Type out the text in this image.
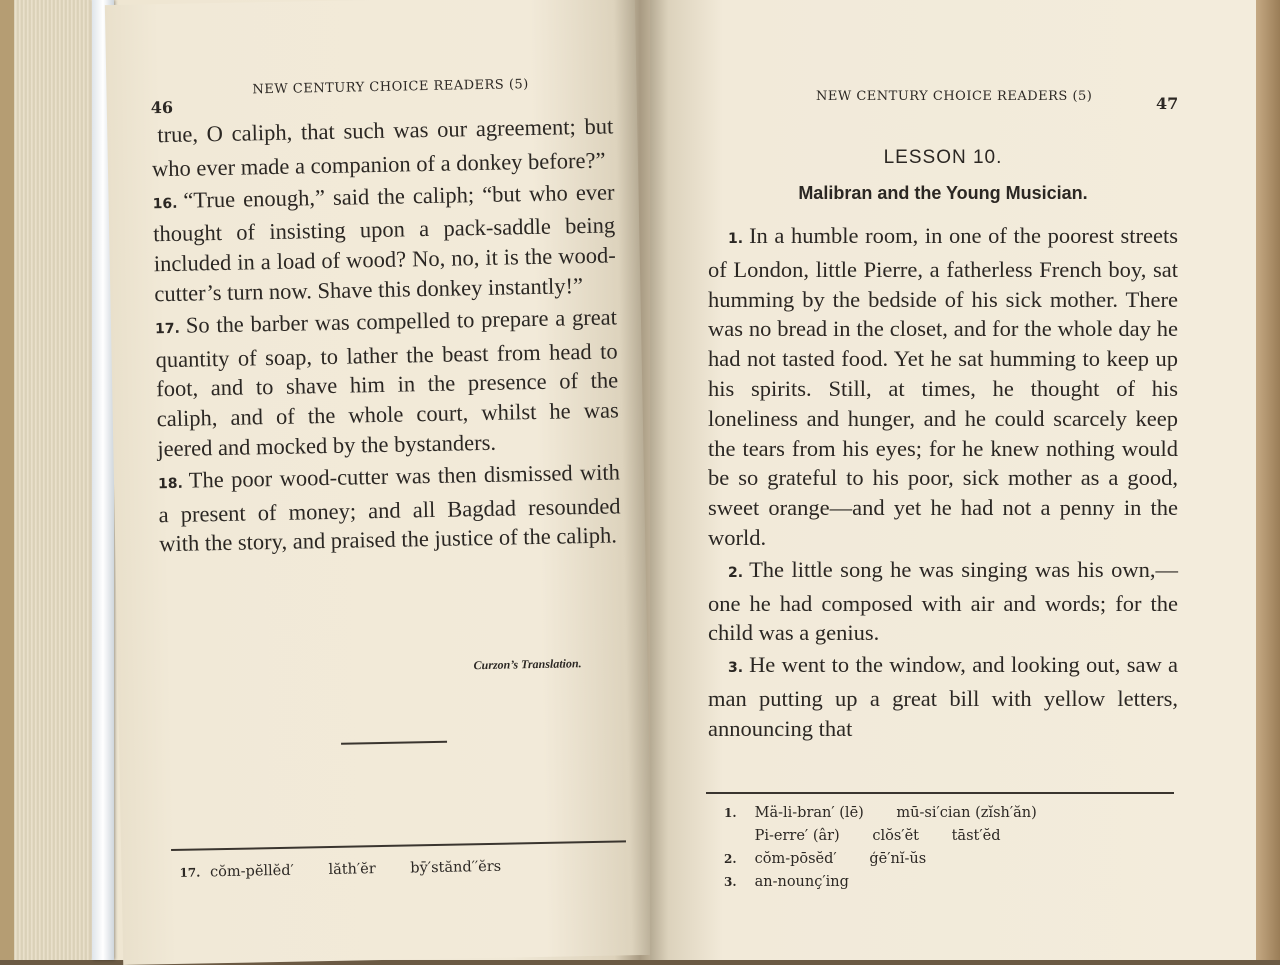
46
NEW CENTURY CHOICE READERS (5)

true, O caliph, that such was our agreement; but who ever made a companion of a donkey before?”

16. “True enough,” said the caliph; “but who ever thought of insisting upon a pack-saddle being included in a load of wood? No, no, it is the wood-cutter’s turn now. Shave this donkey instantly!”

17. So the barber was compelled to prepare a great quantity of soap, to lather the beast from head to foot, and to shave him in the presence of the caliph, and of the whole court, whilst he was jeered and mocked by the bystanders.

18. The poor wood-cutter was then dismissed with a present of money; and all Bagdad resounded with the story, and praised the justice of the caliph.

Curzon’s Translation.
17. cŏm-pĕllĕd′ lăth′ĕr bȳ′stănd′′ĕrs
NEW CENTURY CHOICE READERS (5)	47
LESSON 10.
Malibran and the Young Musician.

1. In a humble room, in one of the poorest streets of London, little Pierre, a fatherless French boy, sat humming by the bedside of his sick mother. There was no bread in the closet, and for the whole day he had not tasted food. Yet he sat humming to keep up his spirits. Still, at times, he thought of his loneliness and hunger, and he could scarcely keep the tears from his eyes; for he knew nothing would be so grateful to his poor, sick mother as a good, sweet orange—and yet he had not a penny in the world.

2. The little song he was singing was his own,—one he had composed with air and words; for the child was a genius.

3. He went to the window, and looking out, saw a man putting up a great bill with yellow letters, announcing that

1. Mä-li-bran′ (lē) mū-si′cian (zĭsh′ăn)
Pi-erre′ (âr) clŏs′ĕt tāst′ĕd
2. cŏm-pōsĕd′ ģē′nĭ-ŭs
3. an-nounç′ing
